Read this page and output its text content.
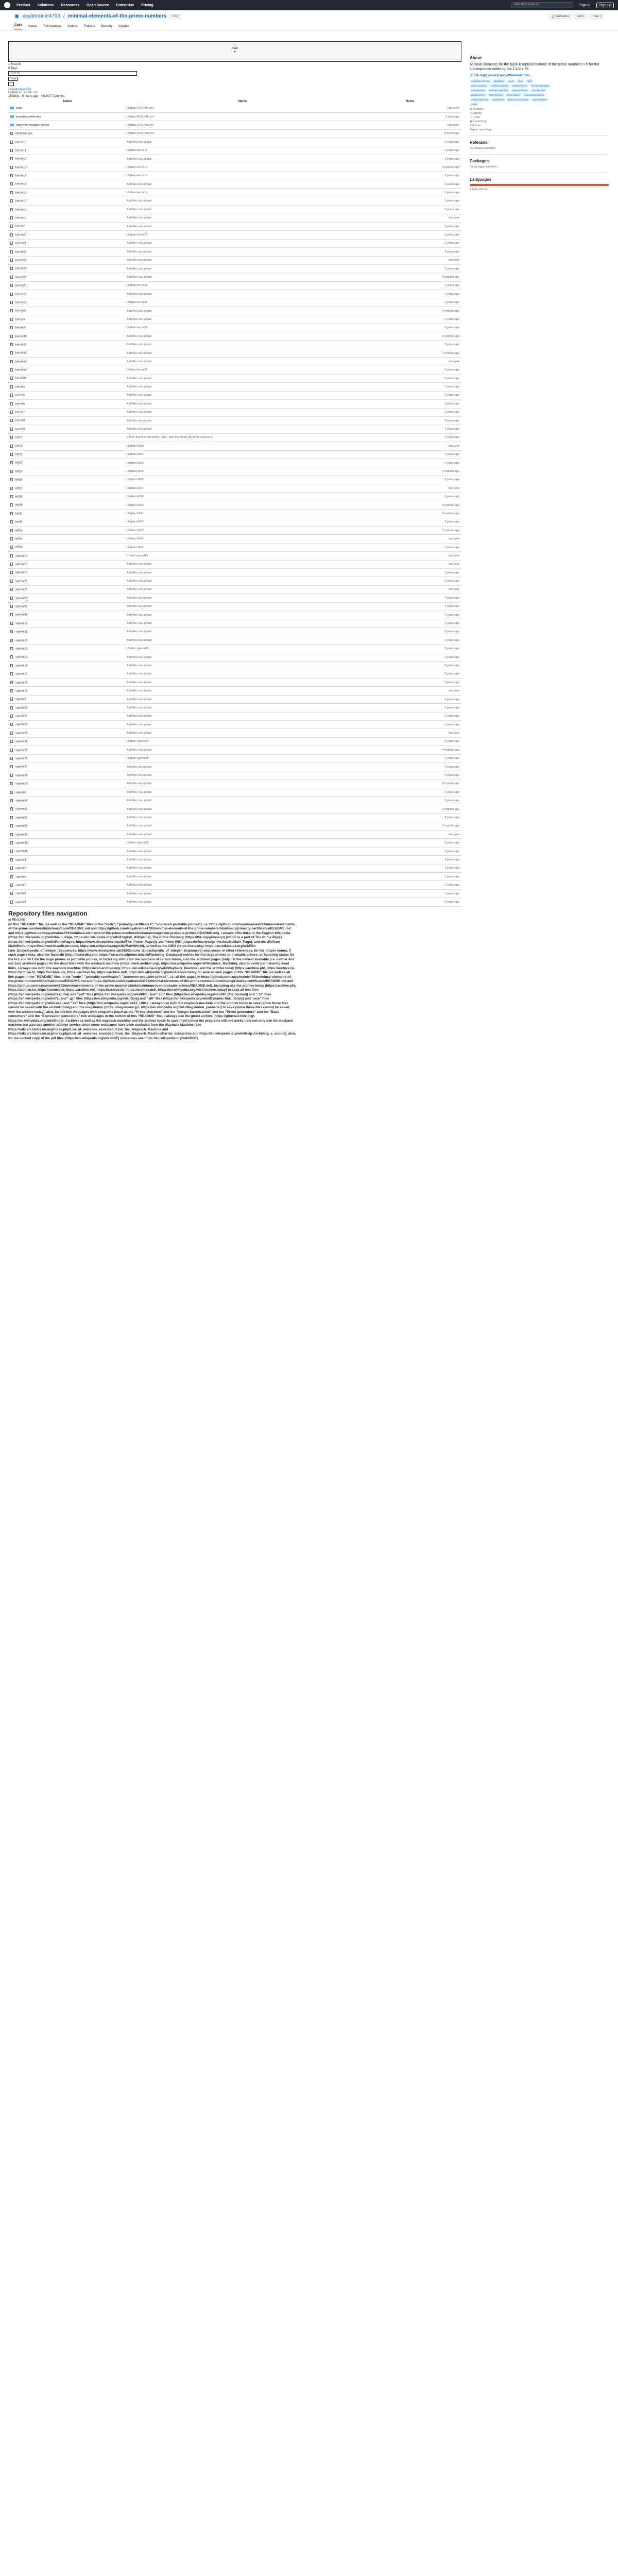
Product Solutions Resources Open Source Enterprise Pricing	Search or jump to...	Sign in	Sign up
▣ xayahrainie4793 / minimal-elements-of-the-prime-numbers	Public	🔔 Notifications	Fork 0	☆ Star 1
Code Issues Pull requests Actions Projects Security Insights
ᚴ
main
▾
1 Branch
0 Tags
Go to file
Code
···
xayahrainie4793
Update README.md
15fd83c · 8 hours ago · ⟲1,007 Commits
Name	Name	Name
code	Update README.md	last week
primality-certificates	Update README.md	2 days ago
unproven-probable-primes	Update README.md	last week
README.md	Update README.md	8 hours ago
kernel10	Add files via upload	2 years ago
kernel11	Update kernel11	2 years ago
kernel12	Add files via upload	2 years ago
kernel13	Update kernel13	4 months ago
kernel14	Update kernel14	2 years ago
kernel15	Add files via upload	2 years ago
kernel16	Update kernel16	2 years ago
kernel17	Add files via upload	2 years ago
kernel18	Add files via upload	2 years ago
kernel19	Add files via upload	last year
kernel2	Add files via upload	2 years ago
kernel20	Update kernel20	2 years ago
kernel21	Add files via upload	2 years ago
kernel22	Add files via upload	2 years ago
kernel23	Add files via upload	last year
kernel24	Add files via upload	2 years ago
kernel25	Add files via upload	4 months ago
kernel26	Update kernel26	2 years ago
kernel27	Add files via upload	2 years ago
kernel28	Update kernel28	2 years ago
kernel29	Add files via upload	4 months ago
kernel3	Add files via upload	2 years ago
kernel30	Update kernel30	2 years ago
kernel31	Add files via upload	2 months ago
kernel32	Add files via upload	2 years ago
kernel33	Add files via upload	7 months ago
kernel34	Add files via upload	last year
kernel35	Update kernel35	2 years ago
kernel36	Add files via upload	2 years ago
kernel4	Add files via upload	2 years ago
kernel5	Add files via upload	2 years ago
kernel6	Add files via upload	2 years ago
kernel7	Add files via upload	2 years ago
kernel8	Add files via upload	2 years ago
kernel9	Add files via upload	2 years ago
left17	a PRP found for the family {8}{0}, also the family {8}{0}8 is covered b…	2 years ago
left19	Update left19	last year
left21	Update left21	2 years ago
left23	Update left23	2 years ago
left25	Update left25	4 months ago
left26	Update left26	2 years ago
left27	Update left27	last year
left28	Update left28	2 years ago
left29	Update left29	4 months ago
left31	Update left31	2 months ago
left32	Update left32	2 years ago
left33	Update left33	7 months ago
left34	Update left34	last year
left36	Update left36	2 years ago
special19	Create special19	last year
special23	Add files via upload	last year
special25	Add files via upload	2 years ago
special26	Add files via upload	2 years ago
special27	Add files via upload	last year
special28	Add files via upload	2 years ago
special32	Add files via upload	2 years ago
special35	Add files via upload	2 years ago
vajsem10	Add files via upload	2 years ago
vajsem11	Add files via upload	2 years ago
vajsem12	Add files via upload	2 years ago
vajsem13	Update vajsem13	2 years ago
vajsem14	Add files via upload	2 years ago
vajsem16	Add files via upload	2 years ago
vajsem17	Add files via upload	2 years ago
vajsem18	Add files via upload	2 years ago
vajsem19	Add files via upload	last year
vajsem2	Add files via upload	2 years ago
vajsem20	Add files via upload	2 years ago
vajsem21	Add files via upload	2 years ago
vajsem22	Add files via upload	2 years ago
vajsem23	Add files via upload	last year
vajsem24	Update vajsem24	2 years ago
vajsem25	Add files via upload	4 months ago
vajsem26	Update vajsem26	2 years ago
vajsem27	Add files via upload	2 years ago
vajsem28	Add files via upload	2 years ago
vajsem29	Add files via upload	4 months ago
vajsem3	Add files via upload	2 years ago
vajsem30	Add files via upload	2 years ago
vajsem31	Add files via upload	2 months ago
vajsem32	Add files via upload	2 years ago
vajsem33	Add files via upload	7 months ago
vajsem34	Add files via upload	last year
vajsem35	Update vajsem35	2 years ago
vajsem36	Add files via upload	2 years ago
vajsem4	Add files via upload	2 years ago
vajsem5	Add files via upload	2 years ago
vajsem6	Add files via upload	2 years ago
vajsem7	Add files via upload	2 years ago
vajsem8	Add files via upload	2 years ago
vajsem9	Add files via upload	2 years ago
Repository files navigation
▤ README
(In this "README" file (as well as the "README" files in the "code", "primality-certificates", "unproven-probable-primes"), i.e. https://github.com/xayahrainie4793/minimal-elements-of-the-prime-numbers/blob/main/code/README.md and https://github.com/xayahrainie4793/minimal-elements-of-the-prime-numbers/blob/main/primality-certificates/README.md and https://github.com/xayahrainie4793/minimal-elements-of-the-prime-numbers/blob/main/unproven-probable-primes/README.md), I always offer links to the English Wikipedia (https://en.wikipedia.org/wiki/Main_Page, https://en.wikipedia.org/wiki/English_Wikipedia), The Prime Glossary (https://t5k.org/glossary/) (which is a part of The Prime Pages (https://en.wikipedia.org/wiki/PrimePages, https://www.rieselprime.de/ziki/The_Prime_Pages)), the Prime Wiki (https://www.rieselprime.de/ziki/Main_Page), and the Wolfram MathWorld (https://mathworld.wolfram.com/, https://en.wikipedia.org/wiki/MathWorld), as well as the OEIS (https://oeis.org/, https://en.wikipedia.org/wiki/On-Line_Encyclopedia_of_Integer_Sequences, https://www.rieselprime.de/ziki/On-Line_Encyclopedia_of_Integer_Sequences) sequences or other references, for the proper nouns, if such page exists, also the factordb (http://factordb.com/, https://www.rieselprime.de/ziki/Factoring_Database) entries for the large primes or probable primes, or factoring status for the N-1 and N+1 for the large primes or probable primes, or factoring status for the numbers of certain forms, also the archived pages (only list the newest available (i.e. neither 4xx nor 5xx) archived pages) for the dead links with the wayback machine (https://web.archive.org/, https://en.wikipedia.org/wiki/Wayback_Machine), also to avoid permanently dead links, I always use both the wayback machine (https://web.archive.org/, https://en.wikipedia.org/wiki/Wayback_Machine) and the archive today (https://archive.ph/, https://archive.is/, https://archive.li/, https://archive.vn/, https://archive.fo/, https://archive.md/, https://en.wikipedia.org/wiki/Archive.today) to save all web pages in this "README" file (as well as all link pages in the "README" files in the "code", "primality-certificates", "unproven-probable-primes", i.e. all link pages in https://github.com/xayahrainie4793/minimal-elements-of-the-prime-numbers/blob/main/code/README.md and https://github.com/xayahrainie4793/minimal-elements-of-the-prime-numbers/blob/main/primality-certificates/README.md and https://github.com/xayahrainie4793/minimal-elements-of-the-prime-numbers/blob/main/unproven-probable-primes/README.md), including use the archive today (https://archive.ph/, https://archive.is/, https://archive.li/, https://archive.vn/, https://archive.fo/, https://archive.md/, https://en.wikipedia.org/wiki/Archive.today) to save all text files (https://en.wikipedia.org/wiki/Text_file) and "pdf" files (https://en.wikipedia.org/wiki/PDF) and ".zip" files (https://en.wikipedia.org/wiki/ZIP_(file_format)) and ".7z" files (https://en.wikipedia.org/wiki/7z) and ".gz" files (https://en.wikipedia.org/wiki/Gzip) and ".dll" files (https://en.wikipedia.org/wiki/Dynamic-link_library) and ".exe" files (https://en.wikipedia.org/wiki/.exe) and ".xz" files (https://en.wikipedia.org/wiki/XZ_Utils), I always use both the wayback machine and the archive today to save (since these files cannot be saved with the archive today) and the megalodon (https://megalodon.jp/, https://en.wikipedia.org/wiki/Megalodon_(website)) to save (since these files cannot be saved with the archive today), also, for the link webpages with programs (such as the "Prime checkers" and the "Integer factorization" and the "Prime generators" and the "Base converters" and the "Expression generators" link webpages in the bottom of this "README" file), I always use the ghost archive (https://ghostarchive.org/, https://en.wikipedia.org/wiki/Ghost_Archive) as well as the wayback machine and the archive today to save them (since the programs will not work), I did not only use the wayback machine but also use another archive service since some webpages have been excluded from the Wayback Machine (see https://wiki.archiveteam.org/index.php/List_of_websites_excluded_from_the_Wayback_Machine and https://wiki.archiveteam.org/index.php/List_of_websites_excluded_from_the_Wayback_Machine/Partial_exclusions and https://en.wikipedia.org/wiki/Help:Archiving_a_source), also, for the cached copy of the pdf files (https://en.wikipedia.org/wiki/PDF) references see https://en.wikipedia.org/wiki/PDF)
About
Minimal elements for the base-b representations of the prime numbers > b for the subsequence ordering, for 2 ≤ b ≤ 36
🔗 t5k.org/glossary/xpage/MinimalPrime…
computer-science	algorithms	proof	base	radix
prime-numbers	number-systems	number-theory	formal-languages
subsequence	heuristic-algorithm	open-problems	primality-test
partial-orders	finite-devices	prime-factors	unsolved-problems
million-table-tool	minimal-set	prime-factorizations	prime-families
millon
▤ Readme
∿ Activity
☆ 1 star
◉ 2 watching
ᚴ 0 forks
Report repository
Releases
No releases published
Packages
No packages published
Languages
● Ruby 100.0%
